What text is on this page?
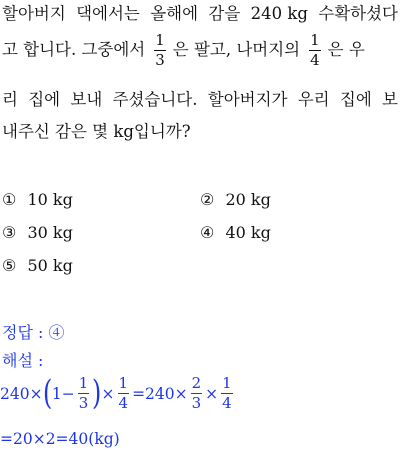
할아버지 댁에서는 올해에 감을 240 kg 수확하셨다
고 합니다. 그중에서 $\frac{1}{3}$ 은 팔고, 나머지의 $\frac{1}{4}$ 은 우
리 집에 보내 주셨습니다. 할아버지가 우리 집에 보
내주신 감은 몇 kg입니까?
① 10 kg	② 20 kg
③ 30 kg	④ 40 kg
⑤ 50 kg
정답 : ④
해설 :
240× ( $1- \frac{1}{3}$ ) × $\frac{1}{4} =240\times \frac{2}{3} \times \frac{1}{4}$
=20×2=40(kg)
